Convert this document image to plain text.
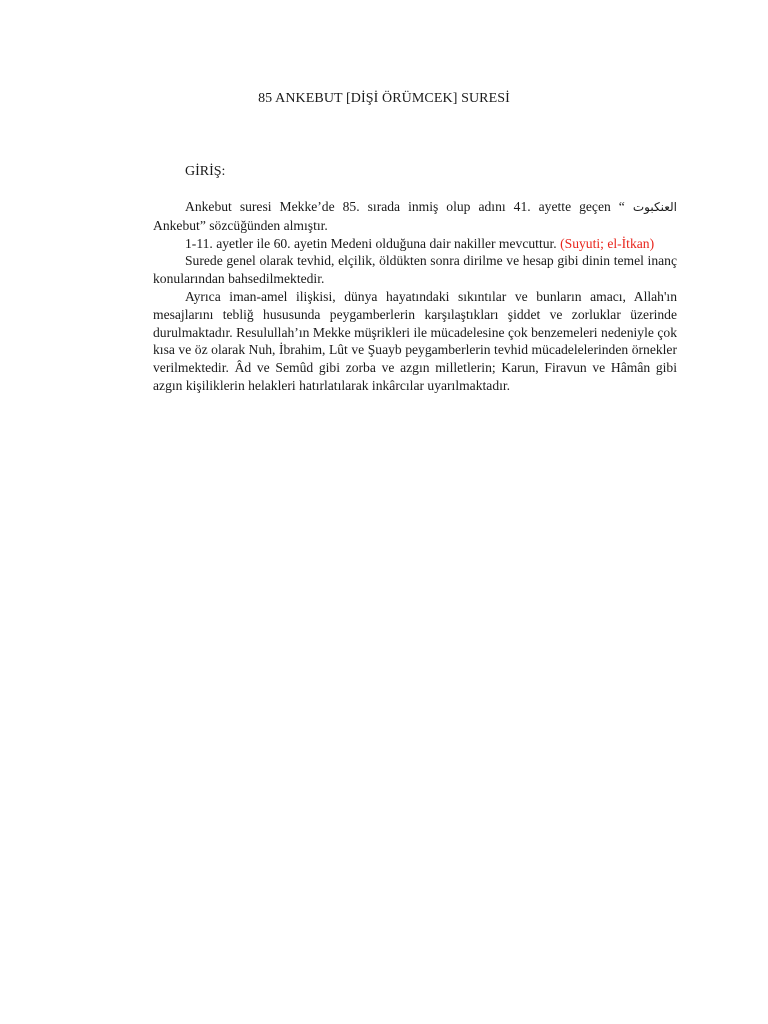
85 ANKEBUT [DİŞİ ÖRÜMCEK] SURESİ
GİRİŞ:

Ankebut suresi Mekke’de 85. sırada inmiş olup adını 41. ayette geçen “ العنكبوت Ankebut” sözcüğünden almıştır.

1-11. ayetler ile 60. ayetin Medeni olduğuna dair nakiller mevcuttur. (Suyuti; el-İtkan)

Surede genel olarak tevhid, elçilik, öldükten sonra dirilme ve hesap gibi dinin temel inanç konularından bahsedilmektedir.

Ayrıca iman-amel ilişkisi, dünya hayatındaki sıkıntılar ve bunların amacı, Allah'ın mesajlarını tebliğ hususunda peygamberlerin karşılaştıkları şiddet ve zorluklar üzerinde durulmaktadır. Resulullah’ın Mekke müşrikleri ile mücadelesine çok benzemeleri nedeniyle çok kısa ve öz olarak Nuh, İbrahim, Lût ve Şuayb peygamberlerin tevhid mücadelelerinden örnekler verilmektedir. Âd ve Semûd gibi zorba ve azgın milletlerin; Karun, Firavun ve Hâmân gibi azgın kişiliklerin helakleri hatırlatılarak inkârcılar uyarılmaktadır.
